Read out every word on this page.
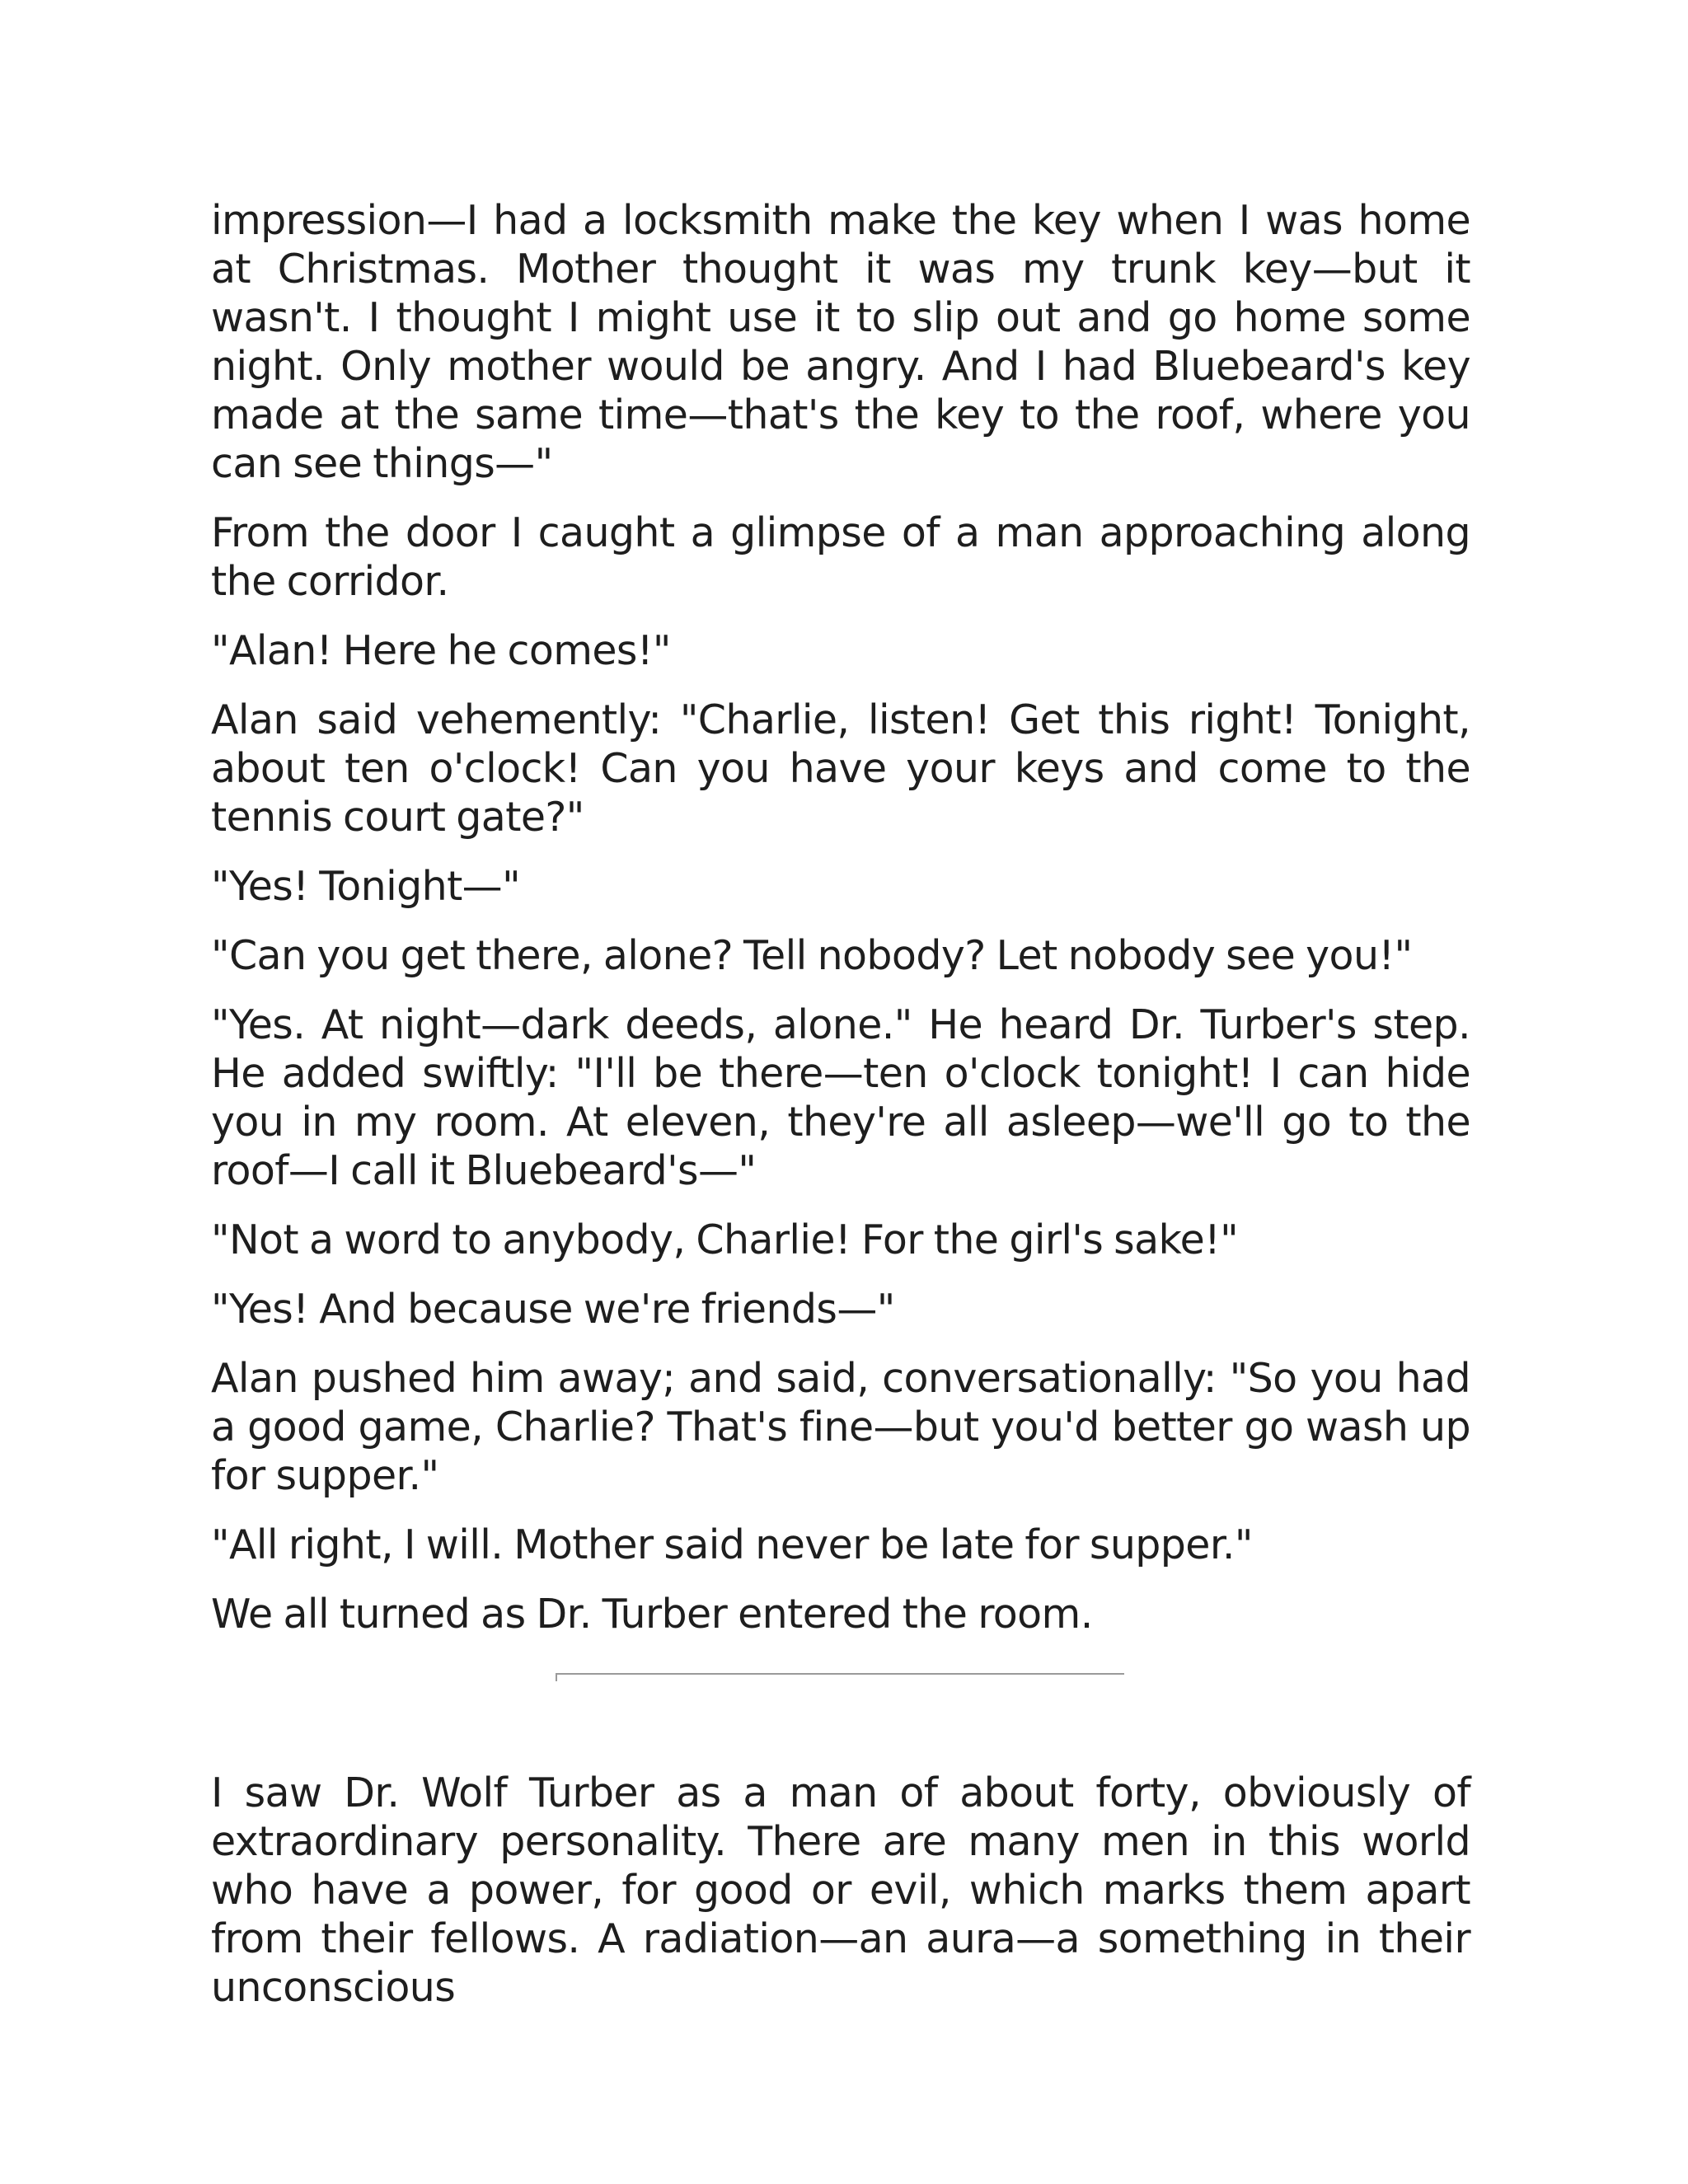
impression—I had a locksmith make the key when I was home at Christmas. Mother thought it was my trunk key—but it wasn't. I thought I might use it to slip out and go home some night. Only mother would be angry. And I had Bluebeard's key made at the same time—that's the key to the roof, where you can see things—"

From the door I caught a glimpse of a man approaching along the corridor.

"Alan! Here he comes!"

Alan said vehemently: "Charlie, listen! Get this right! Tonight, about ten o'clock! Can you have your keys and come to the tennis court gate?"

"Yes! Tonight—"

"Can you get there, alone? Tell nobody? Let nobody see you!"

"Yes. At night—dark deeds, alone." He heard Dr. Turber's step. He added swiftly: "I'll be there—ten o'clock tonight! I can hide you in my room. At eleven, they're all asleep—we'll go to the roof—I call it Bluebeard's—"

"Not a word to anybody, Charlie! For the girl's sake!"

"Yes! And because we're friends—"

Alan pushed him away; and said, conversationally: "So you had a good game, Charlie? That's fine—but you'd better go wash up for supper."

"All right, I will. Mother said never be late for supper."

We all turned as Dr. Turber entered the room.

I saw Dr. Wolf Turber as a man of about forty, obviously of extraordinary personality. There are many men in this world who have a power, for good or evil, which marks them apart from their fellows. A radiation—an aura—a something in their unconscious
